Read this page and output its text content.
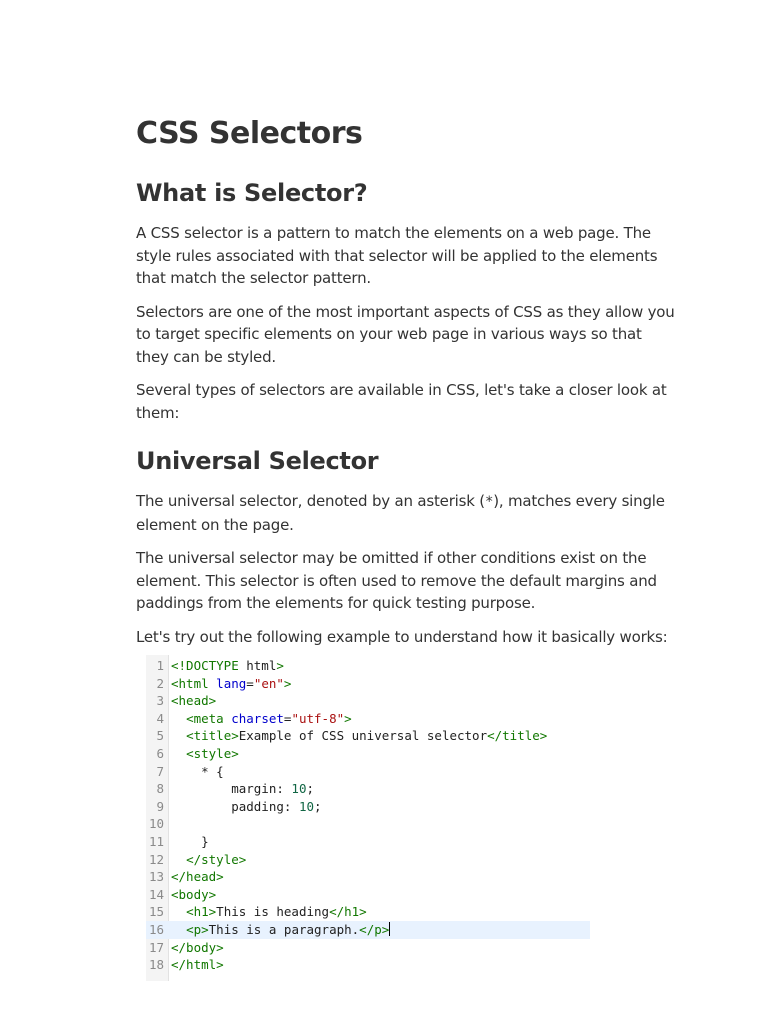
CSS Selectors
What is Selector?

A CSS selector is a pattern to match the elements on a web page. The style rules associated with that selector will be applied to the elements that match the selector pattern.

Selectors are one of the most important aspects of CSS as they allow you to target specific elements on your web page in various ways so that they can be styled.

Several types of selectors are available in CSS, let's take a closer look at them:

Universal Selector

The universal selector, denoted by an asterisk (*), matches every single element on the page.

The universal selector may be omitted if other conditions exist on the element. This selector is often used to remove the default margins and paddings from the elements for quick testing purpose.

Let's try out the following example to understand how it basically works:

1 <!DOCTYPE html>
2 <html lang="en">
3 <head>
4 <meta charset="utf-8">
5 <title>Example of CSS universal selector</title>
6 <style>
7    * {
8        margin: 10;
9        padding: 10;
10
11    }
12 </style>
13 </head>
14 <body>
15 <h1>This is heading</h1>
16 <p>This is a paragraph.</p>
17 </body>
18 </html>
